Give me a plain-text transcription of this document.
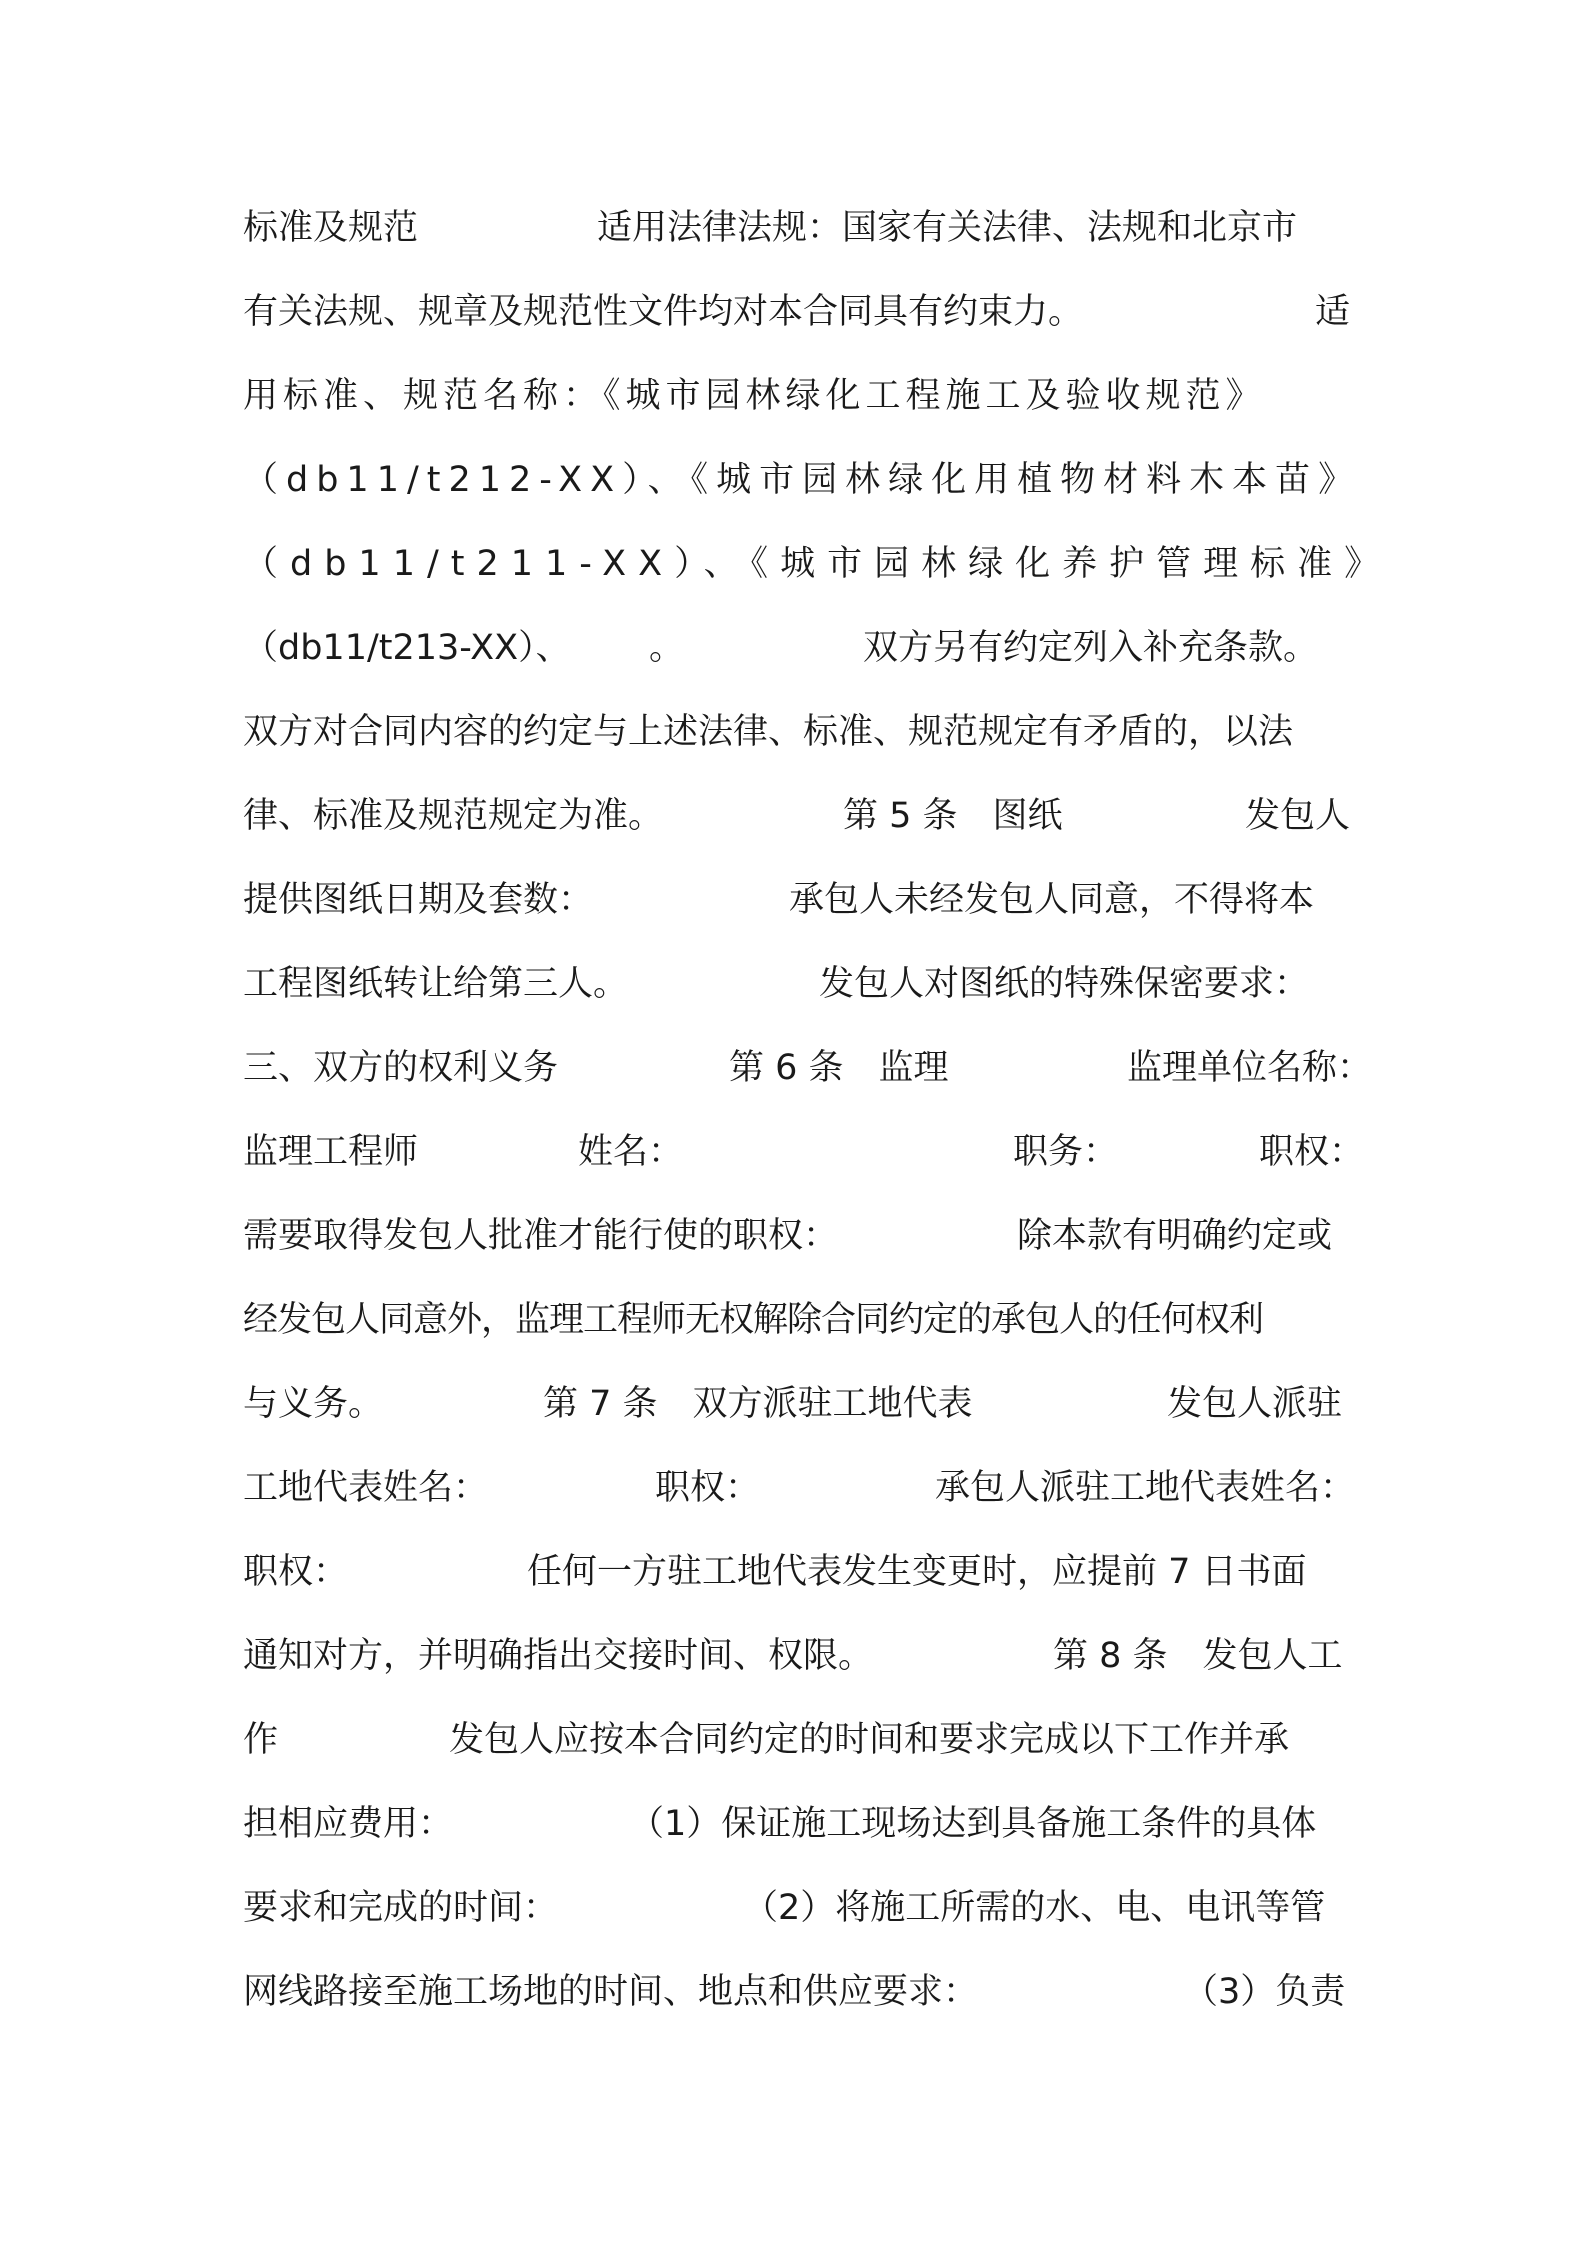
标准及规范	适用法律法规：国家有关法律、法规和北京市
有关法规、规章及规范性文件均对本合同具有约束力。	适
用标准、规范名称：《城市园林绿化工程施工及验收规范》
（db11/t212-XX）、《城市园林绿化用植物材料木本苗》
（db11/t211-XX）、《城市园林绿化养护管理标准》
（db11/t213-XX）、 。	双方另有约定列入补充条款。
双方对合同内容的约定与上述法律、标准、规范规定有矛盾的，以法
律、标准及规范规定为准。	第 5 条　图纸	发包人
提供图纸日期及套数：	承包人未经发包人同意，不得将本
工程图纸转让给第三人。	发包人对图纸的特殊保密要求：
三、双方的权利义务	第 6 条　监理	监理单位名称：
监理工程师	姓名：	职务：	职权：
需要取得发包人批准才能行使的职权：	除本款有明确约定或
经发包人同意外，监理工程师无权解除合同约定的承包人的任何权利
与义务。	第 7 条　双方派驻工地代表	发包人派驻
工地代表姓名：	职权：	承包人派驻工地代表姓名：
职权：	任何一方驻工地代表发生变更时，应提前 7 日书面
通知对方，并明确指出交接时间、权限。	第 8 条　发包人工
作	发包人应按本合同约定的时间和要求完成以下工作并承
担相应费用：	（1）保证施工现场达到具备施工条件的具体
要求和完成的时间：	（2）将施工所需的水、电、电讯等管
网线路接至施工场地的时间、地点和供应要求：	（3）负责
